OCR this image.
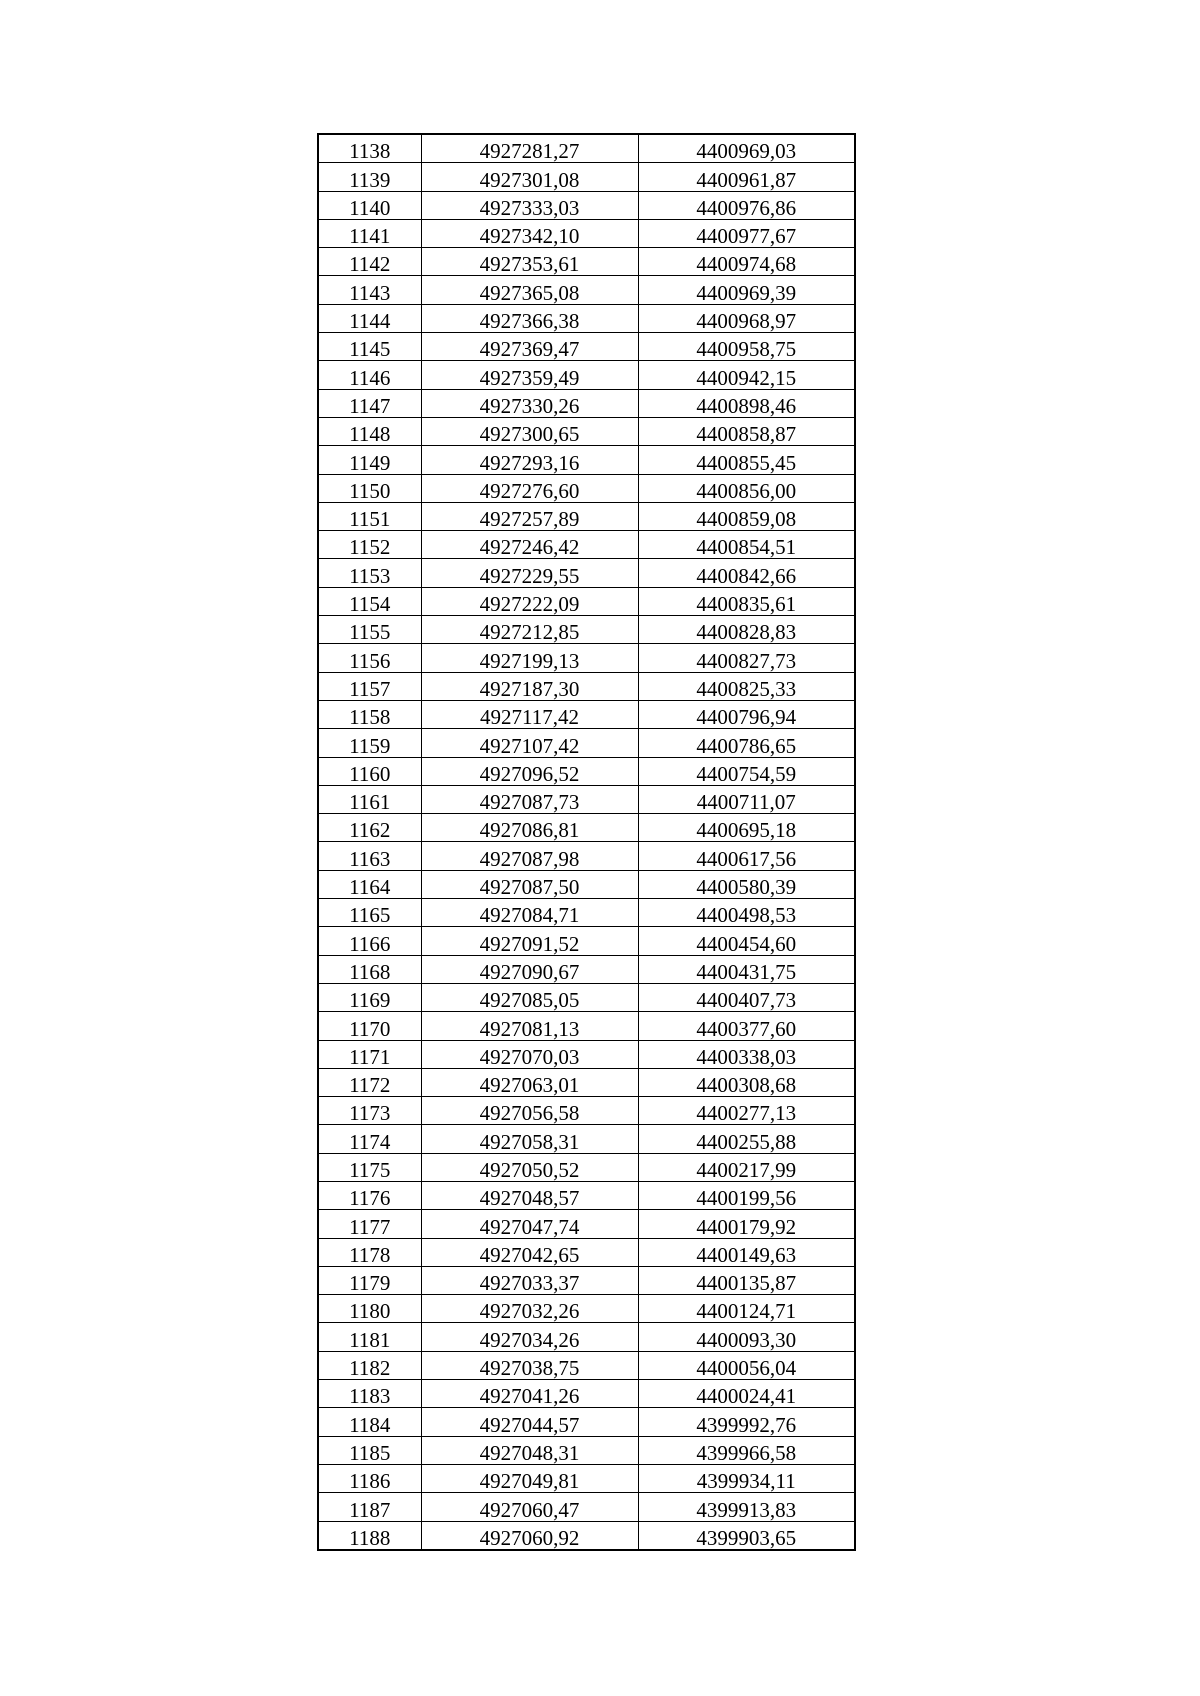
1138	4927281,27	4400969,03
1139	4927301,08	4400961,87
1140	4927333,03	4400976,86
1141	4927342,10	4400977,67
1142	4927353,61	4400974,68
1143	4927365,08	4400969,39
1144	4927366,38	4400968,97
1145	4927369,47	4400958,75
1146	4927359,49	4400942,15
1147	4927330,26	4400898,46
1148	4927300,65	4400858,87
1149	4927293,16	4400855,45
1150	4927276,60	4400856,00
1151	4927257,89	4400859,08
1152	4927246,42	4400854,51
1153	4927229,55	4400842,66
1154	4927222,09	4400835,61
1155	4927212,85	4400828,83
1156	4927199,13	4400827,73
1157	4927187,30	4400825,33
1158	4927117,42	4400796,94
1159	4927107,42	4400786,65
1160	4927096,52	4400754,59
1161	4927087,73	4400711,07
1162	4927086,81	4400695,18
1163	4927087,98	4400617,56
1164	4927087,50	4400580,39
1165	4927084,71	4400498,53
1166	4927091,52	4400454,60
1168	4927090,67	4400431,75
1169	4927085,05	4400407,73
1170	4927081,13	4400377,60
1171	4927070,03	4400338,03
1172	4927063,01	4400308,68
1173	4927056,58	4400277,13
1174	4927058,31	4400255,88
1175	4927050,52	4400217,99
1176	4927048,57	4400199,56
1177	4927047,74	4400179,92
1178	4927042,65	4400149,63
1179	4927033,37	4400135,87
1180	4927032,26	4400124,71
1181	4927034,26	4400093,30
1182	4927038,75	4400056,04
1183	4927041,26	4400024,41
1184	4927044,57	4399992,76
1185	4927048,31	4399966,58
1186	4927049,81	4399934,11
1187	4927060,47	4399913,83
1188	4927060,92	4399903,65
